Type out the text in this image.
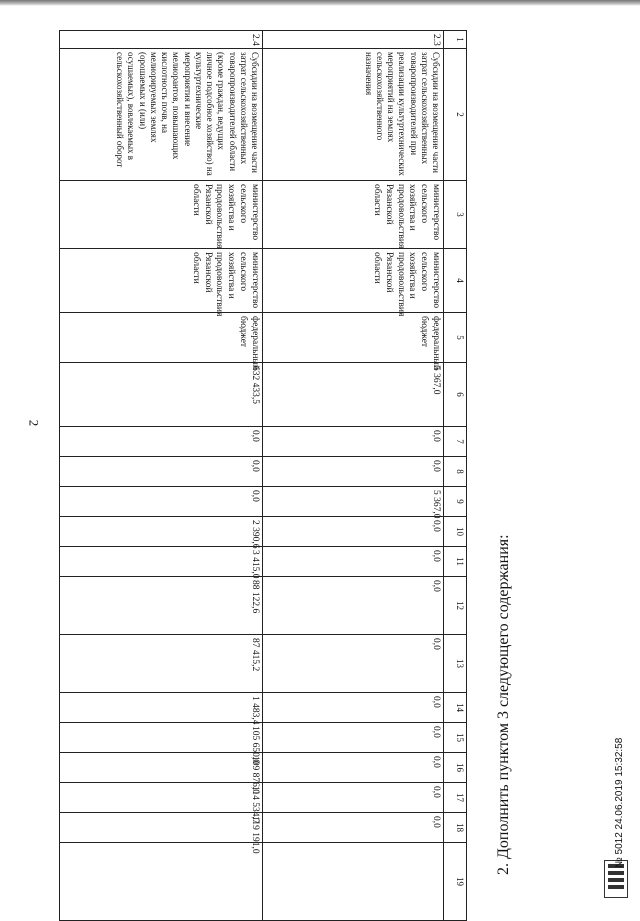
2
1	2	3	4	5	6	7	8	9	10	11	12	13	14	15	16	17	18	19
2.3	Субсидии на возмещение части затрат сельскохозяйственных товаропроизводителей при реализации культуртехнических мероприятий на землях сельскохозяйственного назначения	министерство сельского хозяйства и продовольствия Рязанской области	министерство сельского хозяйства и продовольствия Рязанской области	федеральный бюджет	5 367,0	0,0	0,0	5 367,0	0,0	0,0	0,0	0,0	0,0	0,0	0,0	0,0	0,0	
2.4	Субсидии на возмещение части затрат сельскохозяйственных товаропроизводителей области (кроме граждан, ведущих личное подсобное хозяйство) на культуртехнические мероприятия и внесение мелиорантов, повышающих кислотность почв, на мелиорируемых землях (орошаемых и (или) осушаемых), вовлекаемых в сельскохозяйственный оборот	министерство сельского хозяйства и продовольствия Рязанской области	министерство сельского хозяйства и продовольствия Рязанской области	федеральный бюджет	632 433,5	0,0	0,0	0,0	2 390,6	3 415,0	88 122,6	87 415,2	1 483,4	105 650,0	109 876,0	114 534,7	119 191,0		2. Дополнить пунктом 3 следующего содержания:	№ 5012 24.06.2019 15:32:58
